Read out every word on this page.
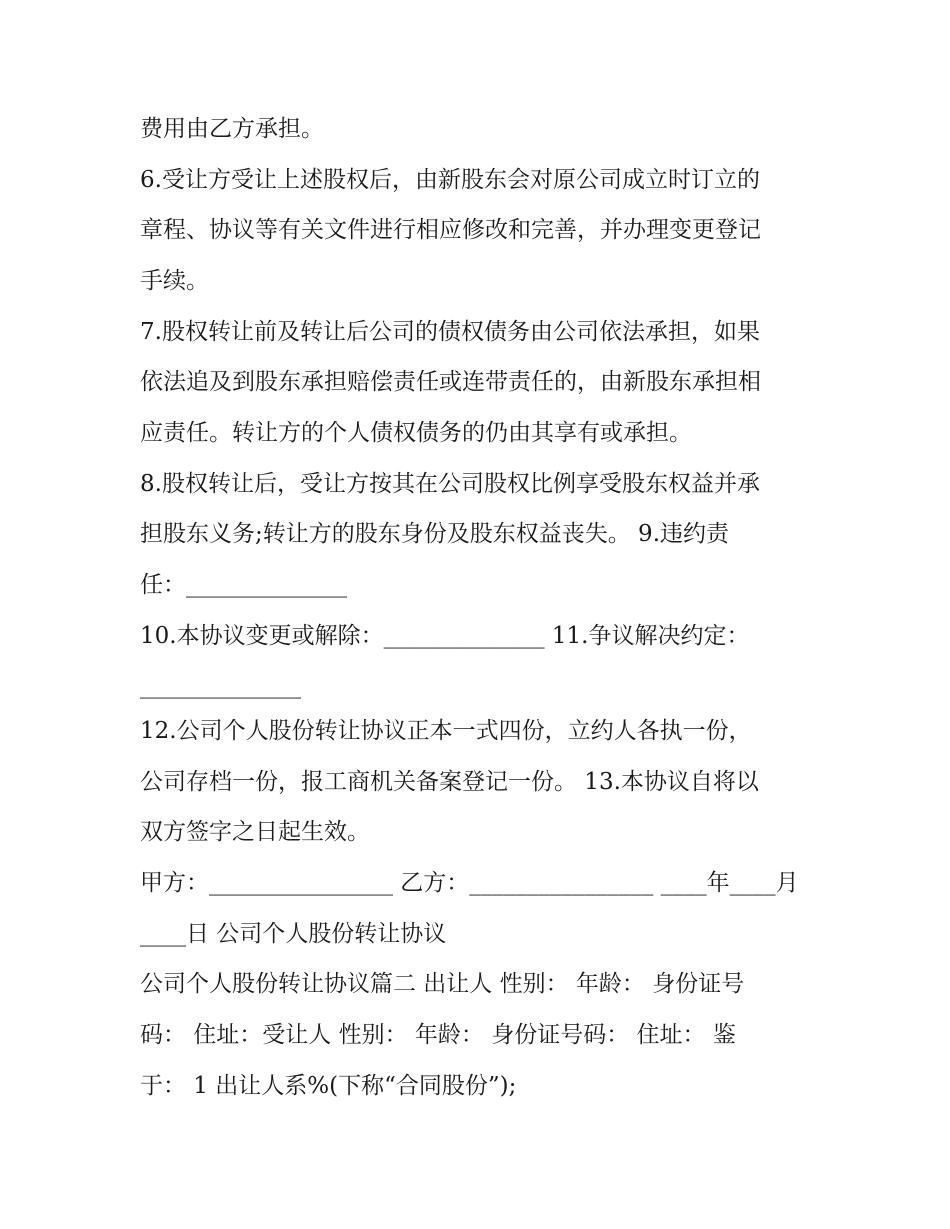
费用由乙方承担。
6.受让方受让上述股权后，由新股东会对原公司成立时订立的
章程、协议等有关文件进行相应修改和完善，并办理变更登记
手续。
7.股权转让前及转让后公司的债权债务由公司依法承担，如果
依法追及到股东承担赔偿责任或连带责任的，由新股东承担相
应责任。转让方的个人债权债务的仍由其享有或承担。
8.股权转让后，受让方按其在公司股权比例享受股东权益并承
担股东义务;转让方的股东身份及股东权益丧失。 9.违约责
任：______________
10.本协议变更或解除：______________ 11.争议解决约定：
______________
12.公司个人股份转让协议正本一式四份，立约人各执一份，
公司存档一份，报工商机关备案登记一份。 13.本协议自将以
双方签字之日起生效。
甲方：________________ 乙方：________________ ____年____月
____日 公司个人股份转让协议
公司个人股份转让协议篇二 出让人 性别： 年龄： 身份证号
码： 住址：受让人 性别： 年龄： 身份证号码： 住址： 鉴
于： 1 出让人系%(下称“合同股份”);
